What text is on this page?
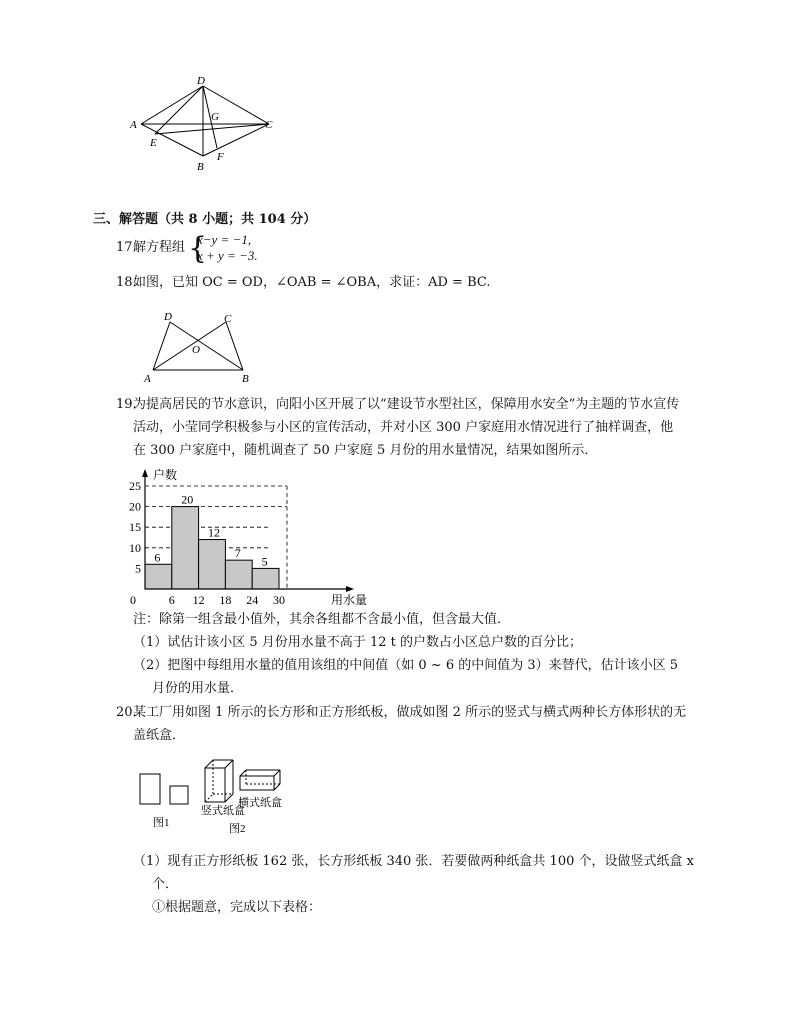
D
G
A	C
E
F
B
三、解答题（共 8 小题；共 104 分）
17.
解方程组 {
x−y = −1,
x + y = −3.
18.
如图，已知 OC = OD，∠OAB = ∠OBA，求证：AD = BC.
D	C
O
A	B
19.
为提高居民的节水意识，向阳小区开展了以“建设节水型社区，保障用水安全”为主题的节水宣传
活动，小莹同学积极参与小区的宣传活动，并对小区 300 户家庭用水情况进行了抽样调查，他
在 300 户家庭中，随机调查了 50 户家庭 5 月份的用水量情况，结果如图所示．
0	6 12 18 24 30
5
10
15
20
25
6
20
12
7
5
户数
用水量
注：除第一组含最小值外，其余各组都不含最小值，但含最大值．
（1）试估计该小区 5 月份用水量不高于 12 t 的户数占小区总户数的百分比；
（2）把图中每组用水量的值用该组的中间值（如 0 ~ 6 的中间值为 3）来替代，估计该小区 5
月份的用水量．
20.
某工厂用如图 1 所示的长方形和正方形纸板，做成如图 2 所示的竖式与横式两种长方体形状的无
盖纸盒．
横式纸盒
竖式纸盒
图1	图2
（1）现有正方形纸板 162 张，长方形纸板 340 张．若要做两种纸盒共 100 个，设做竖式纸盒 x
个．
①根据题意，完成以下表格：
